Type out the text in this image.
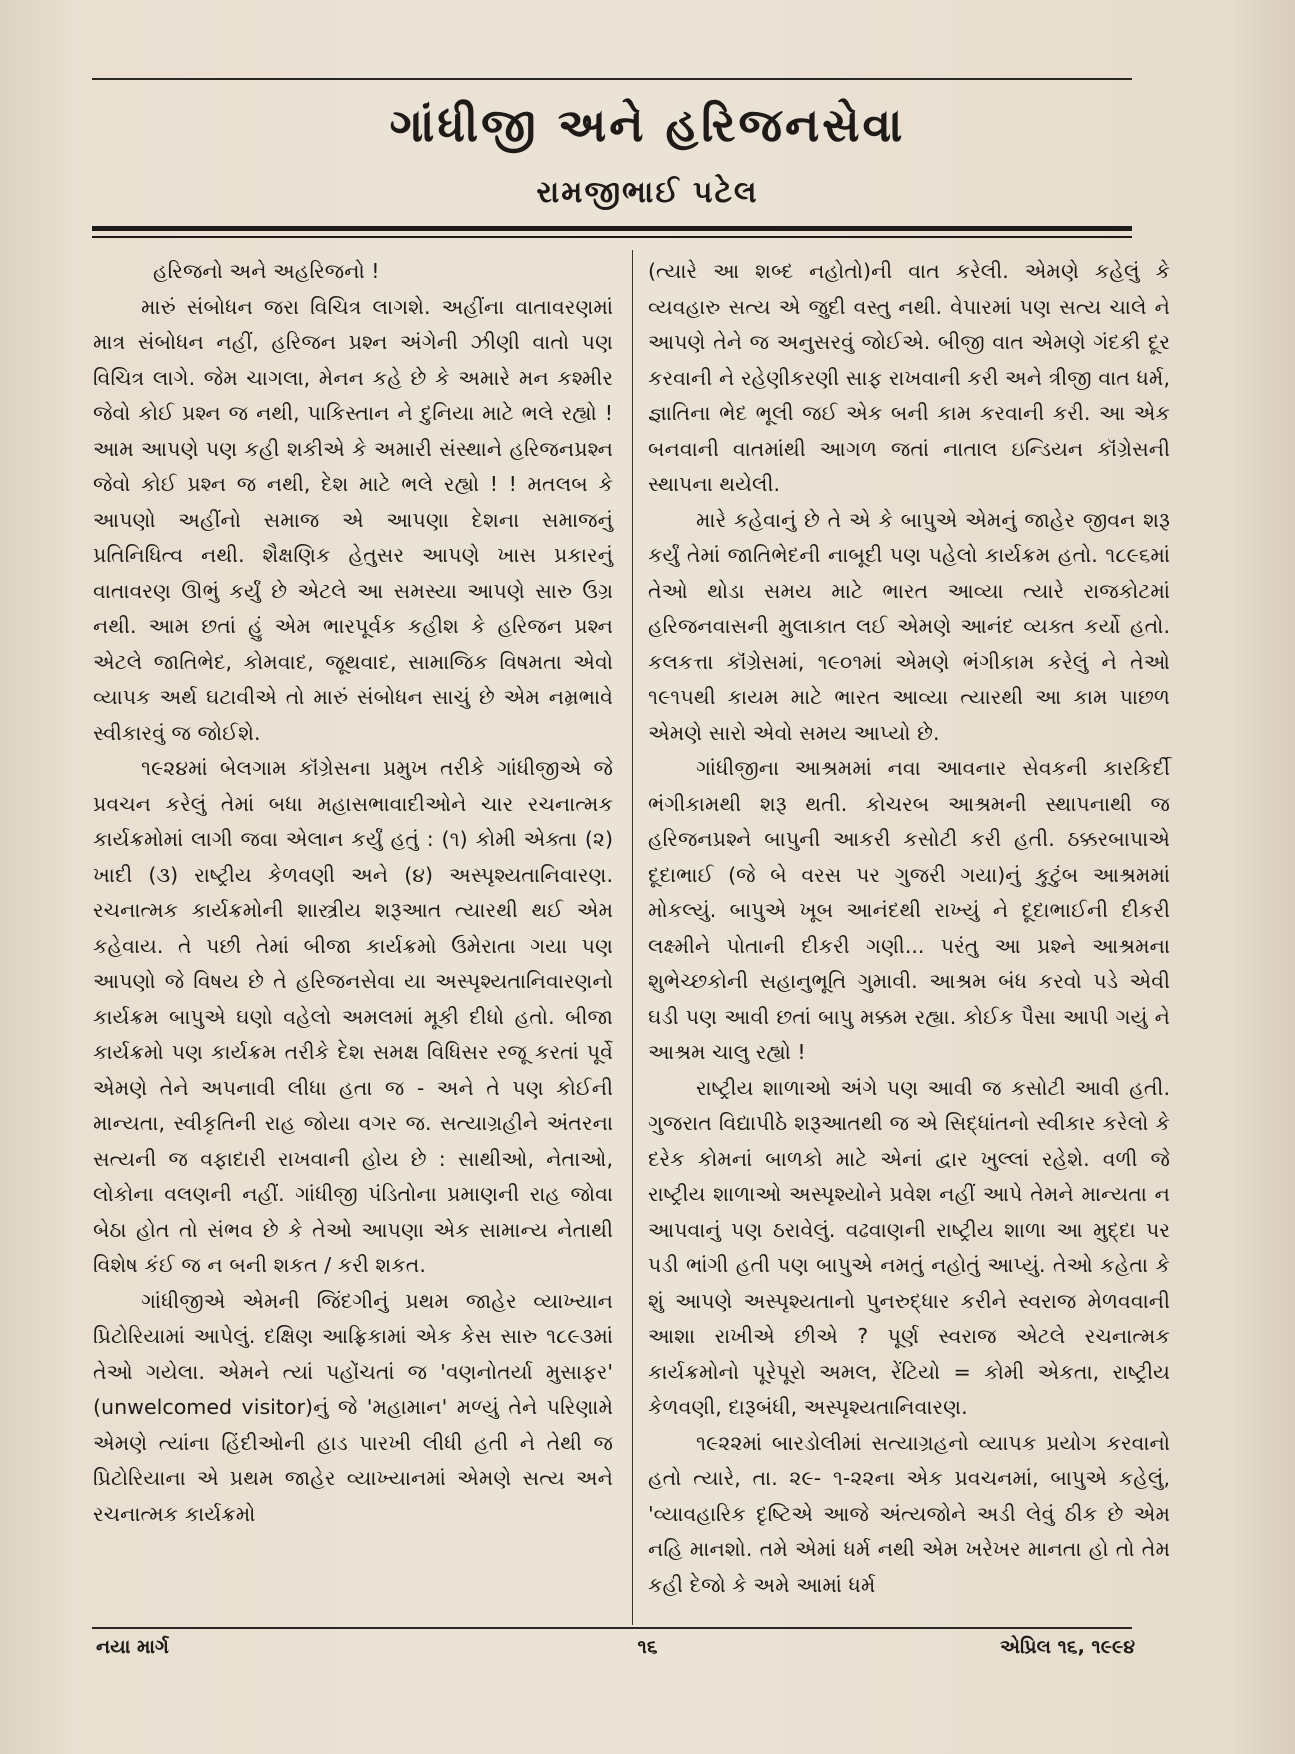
ગાંધીજી અને હરિજનસેવા
રામજીભાઈ પટેલ

હરિજનો અને અહરિજનો !

મારું સંબોધન જરા વિચિત્ર લાગશે. અહીંના વાતાવરણમાં માત્ર સંબોધન નહીં, હરિજન પ્રશ્ન અંગેની ઝીણી વાતો પણ વિચિત્ર લાગે. જેમ ચાગલા, મેનન કહે છે કે અમારે મન કશ્મીર જેવો કોઈ પ્રશ્ન જ નથી, પાકિસ્તાન ને દુનિયા માટે ભલે રહ્યો ! આમ આપણે પણ કહી શકીએ કે અમારી સંસ્થાને હરિજનપ્રશ્ન જેવો કોઈ પ્રશ્ન જ નથી, દેશ માટે ભલે રહ્યો ! ! મતલબ કે આપણો અહીંનો સમાજ એ આપણા દેશના સમાજનું પ્રતિનિધિત્વ નથી. શૈક્ષણિક હેતુસર આપણે ખાસ પ્રકારનું વાતાવરણ ઊભું કર્યું છે એટલે આ સમસ્યા આપણે સારુ ઉગ્ર નથી. આમ છતાં હું એમ ભારપૂર્વક કહીશ કે હરિજન પ્રશ્ન એટલે જાતિભેદ, કોમવાદ, જૂથવાદ, સામાજિક વિષમતા એવો વ્યાપક અર્થ ઘટાવીએ તો મારું સંબોધન સાચું છે એમ નમ્રભાવે સ્વીકારવું જ જોઈશે.

૧૯૨૪માં બેલગામ કૉંગ્રેસના પ્રમુખ તરીકે ગાંધીજીએ જે પ્રવચન કરેલું તેમાં બધા મહાસભાવાદીઓને ચાર રચનાત્મક કાર્યક્રમોમાં લાગી જવા એલાન કર્યું હતું : (૧) કોમી એક્તા (૨) ખાદી (૩) રાષ્ટ્રીય કેળવણી અને (૪) અસ્પૃશ્યતાનિવારણ. રચનાત્મક કાર્યક્રમોની શાસ્ત્રીય શરૂઆત ત્યારથી થઈ એમ કહેવાય. તે પછી તેમાં બીજા કાર્યક્રમો ઉમેરાતા ગયા પણ આપણો જે વિષય છે તે હરિજનસેવા યા અસ્પૃશ્યતાનિવારણનો કાર્યક્રમ બાપુએ ઘણો વહેલો અમલમાં મૂકી દીધો હતો. બીજા કાર્યક્રમો પણ કાર્યક્રમ તરીકે દેશ સમક્ષ વિધિસર રજૂ કરતાં પૂર્વે એમણે તેને અપનાવી લીધા હતા જ - અને તે પણ કોઈની માન્યતા, સ્વીકૃતિની રાહ જોયા વગર જ. સત્યાગ્રહીને અંતરના સત્યની જ વફાદારી રાખવાની હોય છે : સાથીઓ, નેતાઓ, લોકોના વલણની નહીં. ગાંધીજી પંડિતોના પ્રમાણની રાહ જોવા બેઠા હોત તો સંભવ છે કે તેઓ આપણા એક સામાન્ય નેતાથી વિશેષ કંઈ જ ન બની શકત / કરી શકત.

ગાંધીજીએ એમની જિંદગીનું પ્રથમ જાહેર વ્યાખ્યાન પ્રિટોરિયામાં આપેલું. દક્ષિણ આફ્રિકામાં એક કેસ સારુ ૧૮૯૩માં તેઓ ગયેલા. એમને ત્યાં પહોંચતાં જ 'વણનોતર્યા મુસાફર' (unwelcomed visitor)નું જે 'મહામાન' મળ્યું તેને પરિણામે એમણે ત્યાંના હિંદીઓની હાડ પારખી લીધી હતી ને તેથી જ પ્રિટોરિયાના એ પ્રથમ જાહેર વ્યાખ્યાનમાં એમણે સત્ય અને રચનાત્મક કાર્યક્રમો

(ત્યારે આ શબ્દ નહોતો)ની વાત કરેલી. એમણે કહેલું કે વ્યવહારુ સત્ય એ જુદી વસ્તુ નથી. વેપારમાં પણ સત્ય ચાલે ને આપણે તેને જ અનુસરવું જોઈએ. બીજી વાત એમણે ગંદકી દૂર કરવાની ને રહેણીકરણી સાફ રાખવાની કરી અને ત્રીજી વાત ધર્મ, જ્ઞાતિના ભેદ ભૂલી જઈ એક બની કામ કરવાની કરી. આ એક બનવાની વાતમાંથી આગળ જતાં નાતાલ ઇન્ડિયન કૉંગ્રેસની સ્થાપના થયેલી.

મારે કહેવાનું છે તે એ કે બાપુએ એમનું જાહેર જીવન શરૂ કર્યું તેમાં જાતિભેદની નાબૂદી પણ પહેલો કાર્યક્રમ હતો. ૧૮૯૬માં તેઓ થોડા સમય માટે ભારત આવ્યા ત્યારે રાજકોટમાં હરિજનવાસની મુલાકાત લઈ એમણે આનંદ વ્યક્ત કર્યો હતો. કલકત્તા કૉંગ્રેસમાં, ૧૯૦૧માં એમણે ભંગીકામ કરેલું ને તેઓ ૧૯૧૫થી કાયમ માટે ભારત આવ્યા ત્યારથી આ કામ પાછળ એમણે સારો એવો સમય આપ્યો છે.

ગાંધીજીના આશ્રમમાં નવા આવનાર સેવકની કારકિર્દી ભંગીકામથી શરૂ થતી. કોચરબ આશ્રમની સ્થાપનાથી જ હરિજનપ્રશ્ને બાપુની આકરી કસોટી કરી હતી. ઠક્કરબાપાએ દૂદાભાઈ (જે બે વરસ પર ગુજરી ગયા)નું કુટુંબ આશ્રમમાં મોકલ્યું. બાપુએ ખૂબ આનંદથી રાખ્યું ને દૂદાભાઈની દીકરી લક્ષ્મીને પોતાની દીકરી ગણી... પરંતુ આ પ્રશ્ને આશ્રમના શુભેચ્છકોની સહાનુભૂતિ ગુમાવી. આશ્રમ બંધ કરવો પડે એવી ઘડી પણ આવી છતાં બાપુ મક્કમ રહ્યા. કોઈક પૈસા આપી ગયું ને આશ્રમ ચાલુ રહ્યો !

રાષ્ટ્રીય શાળાઓ અંગે પણ આવી જ કસોટી આવી હતી. ગુજરાત વિદ્યાપીઠે શરૂઆતથી જ એ સિદ્ધાંતનો સ્વીકાર કરેલો કે દરેક કોમનાં બાળકો માટે એનાં દ્વાર ખુલ્લાં રહેશે. વળી જે રાષ્ટ્રીય શાળાઓ અસ્પૃશ્યોને પ્રવેશ નહીં આપે તેમને માન્યતા ન આપવાનું પણ ઠરાવેલું. વઢવાણની રાષ્ટ્રીય શાળા આ મુદ્દા પર પડી ભાંગી હતી પણ બાપુએ નમતું નહોતું આપ્યું. તેઓ કહેતા કે શું આપણે અસ્પૃશ્યતાનો પુનરુદ્ધાર કરીને સ્વરાજ મેળવવાની આશા રાખીએ છીએ ? પૂર્ણ સ્વરાજ એટલે રચનાત્મક કાર્યક્રમોનો પૂરેપૂરો અમલ, રેંટિયો = કોમી એકતા, રાષ્ટ્રીય કેળવણી, દારૂબંધી, અસ્પૃશ્યતાનિવારણ.

૧૯૨૨માં બારડોલીમાં સત્યાગ્રહનો વ્યાપક પ્રયોગ કરવાનો હતો ત્યારે, તા. ૨૯- ૧-૨૨ના એક પ્રવચનમાં, બાપુએ કહેલું, 'વ્યાવહારિક દૃષ્ટિએ આજે અંત્યજોને અડી લેવું ઠીક છે એમ નહિ માનશો. તમે એમાં ધર્મ નથી એમ ખરેખર માનતા હો તો તેમ કહી દેજો કે અમે આમાં ધર્મ

નયા માર્ગ	૧૬	એપ્રિલ ૧૬, ૧૯૯૪
